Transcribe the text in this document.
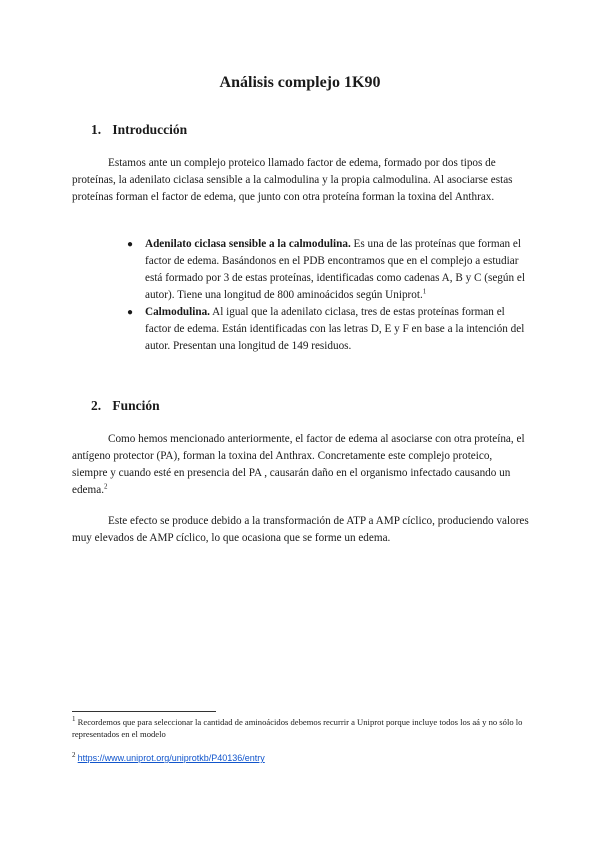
Análisis complejo 1K90
1. Introducción

Estamos ante un complejo proteico llamado factor de edema, formado por dos tipos de proteínas, la adenilato ciclasa sensible a la calmodulina y la propia calmodulina. Al asociarse estas proteínas forman el factor de edema, que junto con otra proteína forman la toxina del Anthrax.

● Adenilato ciclasa sensible a la calmodulina. Es una de las proteínas que forman el factor de edema. Basándonos en el PDB encontramos que en el complejo a estudiar está formado por 3 de estas proteínas, identificadas como cadenas A, B y C (según el autor). Tiene una longitud de 800 aminoácidos según Uniprot.$^1$
● Calmodulina. Al igual que la adenilato ciclasa, tres de estas proteínas forman el factor de edema. Están identificadas con las letras D, E y F en base a la intención del autor. Presentan una longitud de 149 residuos.
2. Función

Como hemos mencionado anteriormente, el factor de edema al asociarse con otra proteína, el antígeno protector (PA), forman la toxina del Anthrax. Concretamente este complejo proteico, siempre y cuando esté en presencia del PA , causarán daño en el organismo infectado causando un edema.$^2$

Este efecto se produce debido a la transformación de ATP a AMP cíclico, produciendo valores muy elevados de AMP cíclico, lo que ocasiona que se forme un edema.

$^1$ Recordemos que para seleccionar la cantidad de aminoácidos debemos recurrir a Uniprot porque incluye todos los aá y no sólo lo representados en el modelo

$^2$ https://www.uniprot.org/uniprotkb/P40136/entry
